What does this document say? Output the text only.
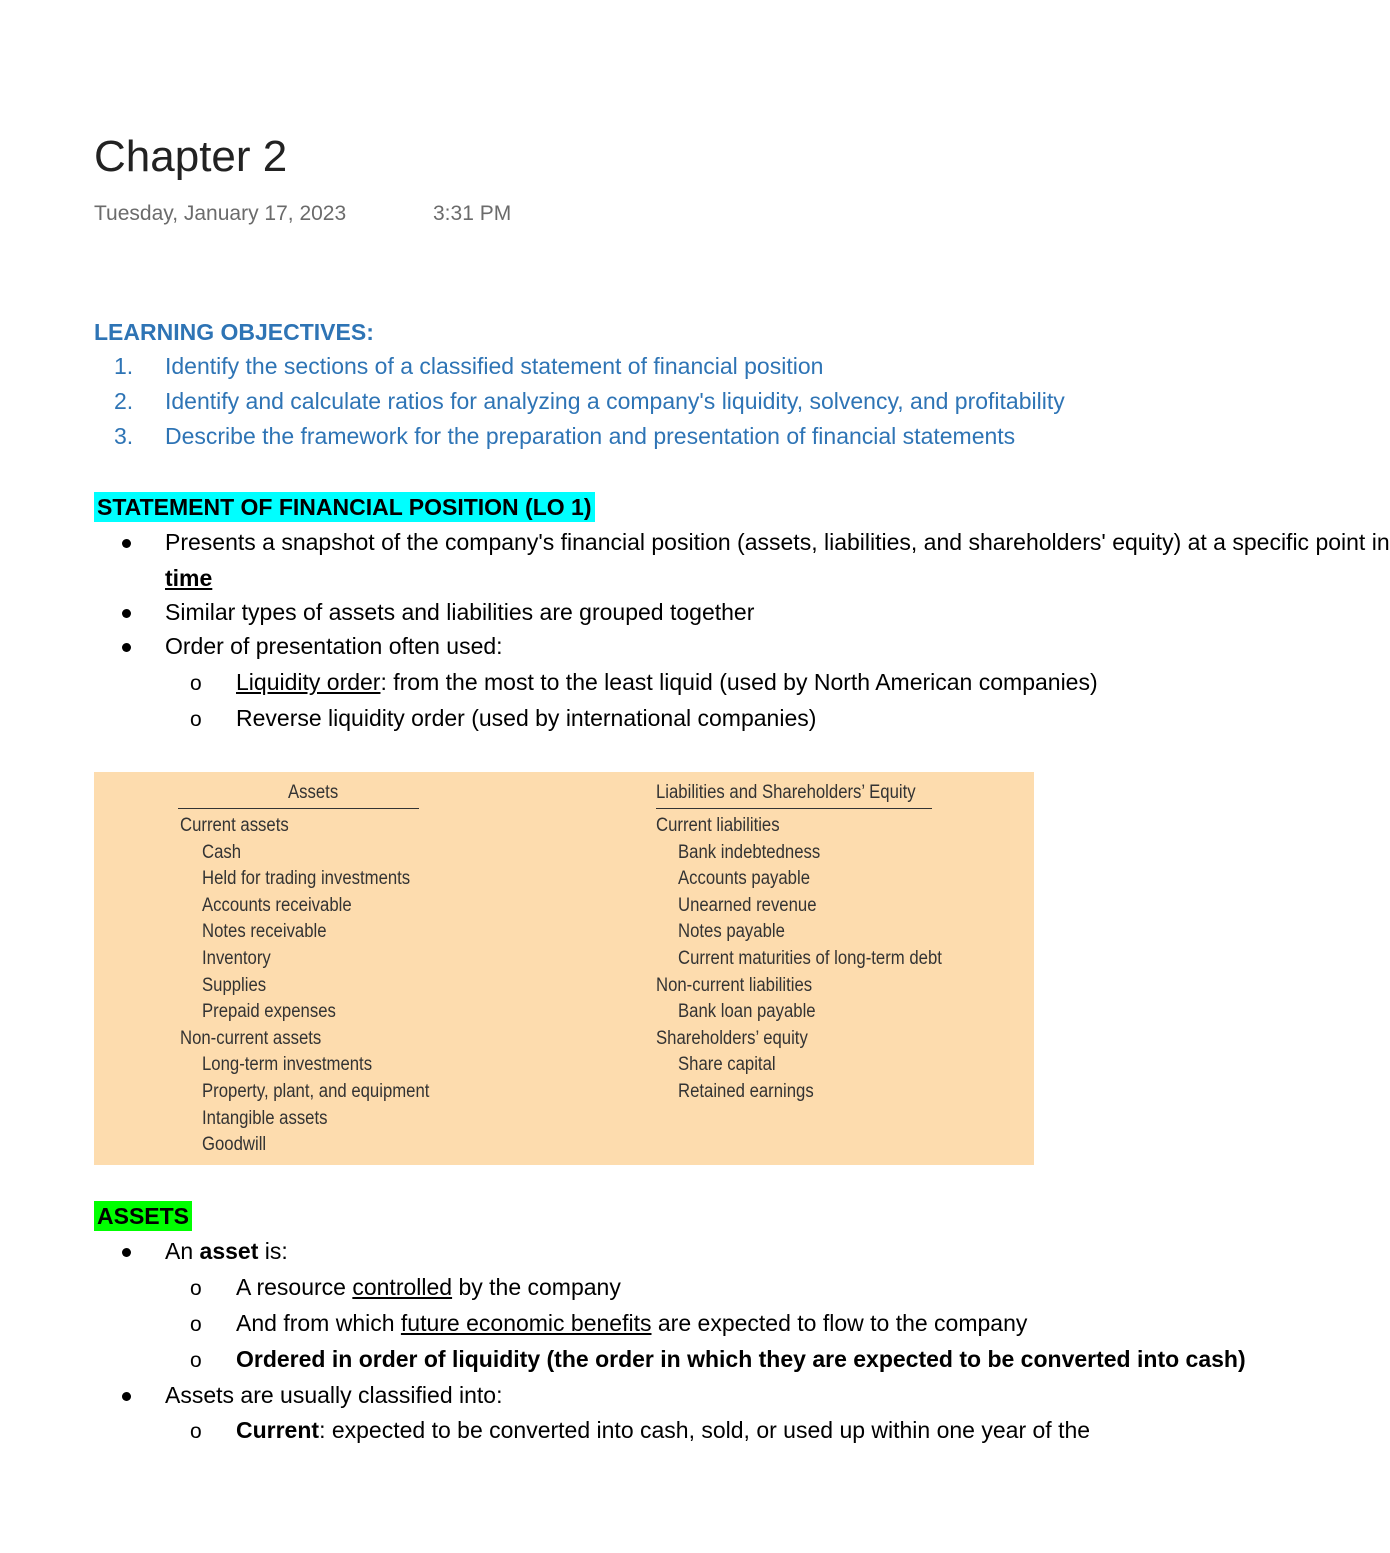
Chapter 2
Tuesday, January 17, 2023	3:31 PM
LEARNING OBJECTIVES:
1. Identify the sections of a classified statement of financial position
2. Identify and calculate ratios for analyzing a company's liquidity, solvency, and profitability
3. Describe the framework for the preparation and presentation of financial statements
STATEMENT OF FINANCIAL POSITION (LO 1)
Presents a snapshot of the company's financial position (assets, liabilities, and shareholders' equity) at a specific point in
time
Similar types of assets and liabilities are grouped together
Order of presentation often used:
o Liquidity order: from the most to the least liquid (used by North American companies)
o Reverse liquidity order (used by international companies)
Assets	Liabilities and Shareholders’ Equity
Current assets
Cash
Held for trading investments
Accounts receivable
Notes receivable
Inventory
Supplies
Prepaid expenses
Non-current assets
Long-term investments
Property, plant, and equipment
Intangible assets
Goodwill
Current liabilities
Bank indebtedness
Accounts payable
Unearned revenue
Notes payable
Current maturities of long-term debt
Non-current liabilities
Bank loan payable
Shareholders’ equity
Share capital
Retained earnings
ASSETS
An asset is:
o A resource controlled by the company
o And from which future economic benefits are expected to flow to the company
o Ordered in order of liquidity (the order in which they are expected to be converted into cash)
Assets are usually classified into:
o Current: expected to be converted into cash, sold, or used up within one year of the
